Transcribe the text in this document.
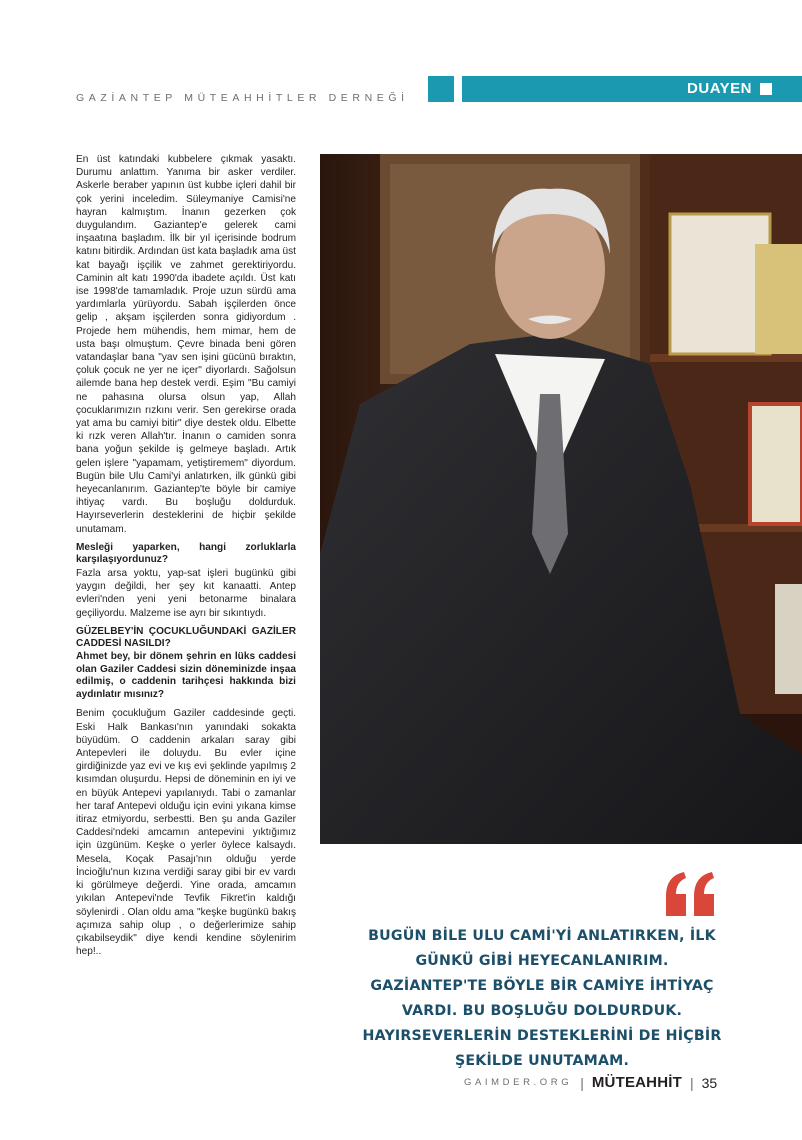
GAZİANTEP MÜTEAHHİTLER DERNEĞİ
DUAYEN

En üst katındaki kubbelere çıkmak yasaktı. Durumu anlattım. Yanıma bir asker verdiler. Askerle beraber yapının üst kubbe içleri dahil bir çok yerini inceledim. Süleymaniye Camisi'ne hayran kalmıştım. İnanın gezerken çok duygulandım. Gaziantep'e gelerek cami inşaatına başladım. İlk bir yıl içerisinde bodrum katını bitirdik. Ardından üst kata başladık ama üst kat bayağı işçilik ve zahmet gerektiriyordu. Caminin alt katı 1990'da ibadete açıldı. Üst katı ise 1998'de tamamladık. Proje uzun sürdü ama yardımlarla yürüyordu. Sabah işçilerden önce gelip , akşam işçilerden sonra gidiyordum . Projede hem mühendis, hem mimar, hem de usta başı olmuştum. Çevre binada beni gören vatandaşlar bana "yav sen işini gücünü bıraktın, çoluk çocuk ne yer ne içer" diyorlardı. Sağolsun ailemde bana hep destek verdi. Eşim "Bu camiyi ne pahasına olursa olsun yap, Allah çocuklarımızın rızkını verir. Sen gerekirse orada yat ama bu camiyi bitir" diye destek oldu. Elbette ki rızk veren Allah'tır. İnanın o camiden sonra bana yoğun şekilde iş gelmeye başladı. Artık gelen işlere "yapamam, yetiştiremem" diyordum. Bugün bile Ulu Cami'yi anlatırken, ilk günkü gibi heyecanlanırım. Gaziantep'te böyle bir camiye ihtiyaç vardı. Bu boşluğu doldurduk. Hayırseverlerin desteklerini de hiçbir şekilde unutamam.

Mesleği yaparken, hangi zorluklarla karşılaşıyordunuz?

Fazla arsa yoktu, yap-sat işleri bugünkü gibi yaygın değildi, her şey kıt kanaatti. Antep evleri'nden yeni yeni betonarme binalara geçiliyordu. Malzeme ise ayrı bir sıkıntıydı.

GÜZELBEY'İN ÇOCUKLUĞUNDAKİ GAZİLER CADDESİ NASILDI?

Ahmet bey, bir dönem şehrin en lüks caddesi olan Gaziler Caddesi sizin döneminizde inşaa edilmiş, o caddenin tarihçesi hakkında bizi aydınlatır mısınız?

Benim çocukluğum Gaziler caddesinde geçti. Eski Halk Bankası'nın yanındaki sokakta büyüdüm. O caddenin arkaları saray gibi Antepevleri ile doluydu. Bu evler içine girdiğinizde yaz evi ve kış evi şeklinde yapılmış 2 kısımdan oluşurdu. Hepsi de döneminin en iyi ve en büyük Antepevi yapılanıydı. Tabi o zamanlar her taraf Antepevi olduğu için evini yıkana kimse itiraz etmiyordu, serbestti. Ben şu anda Gaziler Caddesi'ndeki amcamın antepevini yıktığımız için üzgünüm. Keşke o yerler öylece kalsaydı. Mesela, Koçak Pasajı'nın olduğu yerde İncioğlu'nun kızına verdiği saray gibi bir ev vardı ki görülmeye değerdi. Yine orada, amcamın yıkılan Antepevi'nde Tevfik Fikret'in kaldığı söylenirdi . Olan oldu ama "keşke bugünkü bakış açımıza sahip olup , o değerlerimize sahip çıkabilseydik" diye kendi kendine söylenirim hep!..

BUGÜN BİLE ULU CAMİ'Yİ ANLATIRKEN, İLK GÜNKÜ GİBİ HEYECANLANIRIM. GAZİANTEP'TE BÖYLE BİR CAMİYE İHTİYAÇ VARDI. BU BOŞLUĞU DOLDURDUK. HAYIRSEVERLERİN DESTEKLERİNİ DE HİÇBİR ŞEKİLDE UNUTAMAM.
GAIMDER.ORG | MÜTEAHHİT | 35
